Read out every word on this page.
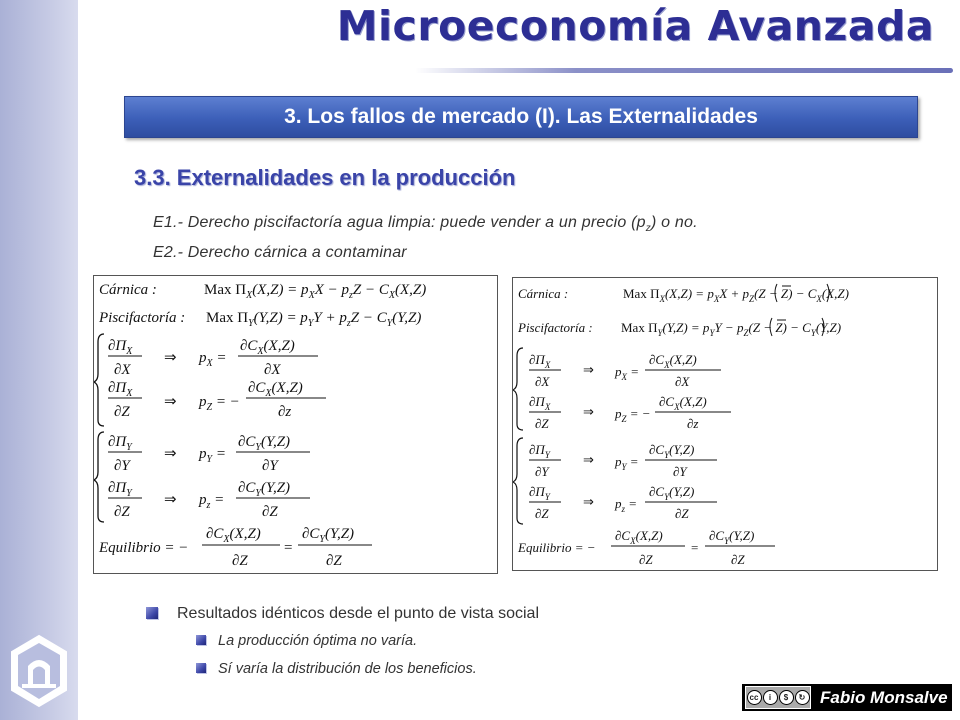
Microeconomía Avanzada
3. Los fallos de mercado (I). Las Externalidades
3.3. Externalidades en la producción
E1.- Derecho piscifactoría agua limpia: puede vender a un precio $(p_z)$ o no.
E2.- Derecho cárnica a contaminar
Cárnica :	Max $\Pi_X(X,Z) = p_XX - p_zZ - C_X(X,Z)$
Piscifactoría : Max $\Pi_Y(Y,Z) = p_YY + p_zZ - C_Y(Y,Z)$
$\partial\Pi_X$
∂X
⇒ $p_X$ =
$\partial C_X(X,Z)$
∂X
$\partial\Pi_X$
∂Z
⇒ $p_Z$ = −
$\partial C_X(X,Z)$
∂z
$\partial\Pi_Y$
∂Y
⇒ $p_Y$ =
$\partial C_Y(Y,Z)$
∂Y
$\partial\Pi_Y$
∂Z
⇒ $p_z$ =
$\partial C_Y(Y,Z)$
∂Z
Equilibrio = −
$\partial C_X(X,Z)$
∂Z
=
$\partial C_Y(Y,Z)$
∂Z
Cárnica :	Max $\Pi_X(X,Z) = p_XX + p_Z(Z - Z) - C_X(X,Z)$
Piscifactoría : Max $\Pi_Y(Y,Z) = p_YY - p_Z(Z - Z) - C_Y(Y,Z)$
$\partial\Pi_X$
∂X
⇒ $p_X$ =
$\partial C_X(X,Z)$
∂X
$\partial\Pi_X$
∂Z
⇒ $p_Z$ = −
$\partial C_X(X,Z)$
∂z
$\partial\Pi_Y$
∂Y
⇒ $p_Y$ =
$\partial C_Y(Y,Z)$
∂Y
$\partial\Pi_Y$
∂Z
⇒ $p_z$ =
$\partial C_Y(Y,Z)$
∂Z
Equilibrio = −
$\partial C_X(X,Z)$
∂Z
=
$\partial C_Y(Y,Z)$
∂Z
Resultados idénticos desde el punto de vista social
La producción óptima no varía.
Sí varía la distribución de los beneficios.
cc	i	$	↻ Fabio Monsalve
